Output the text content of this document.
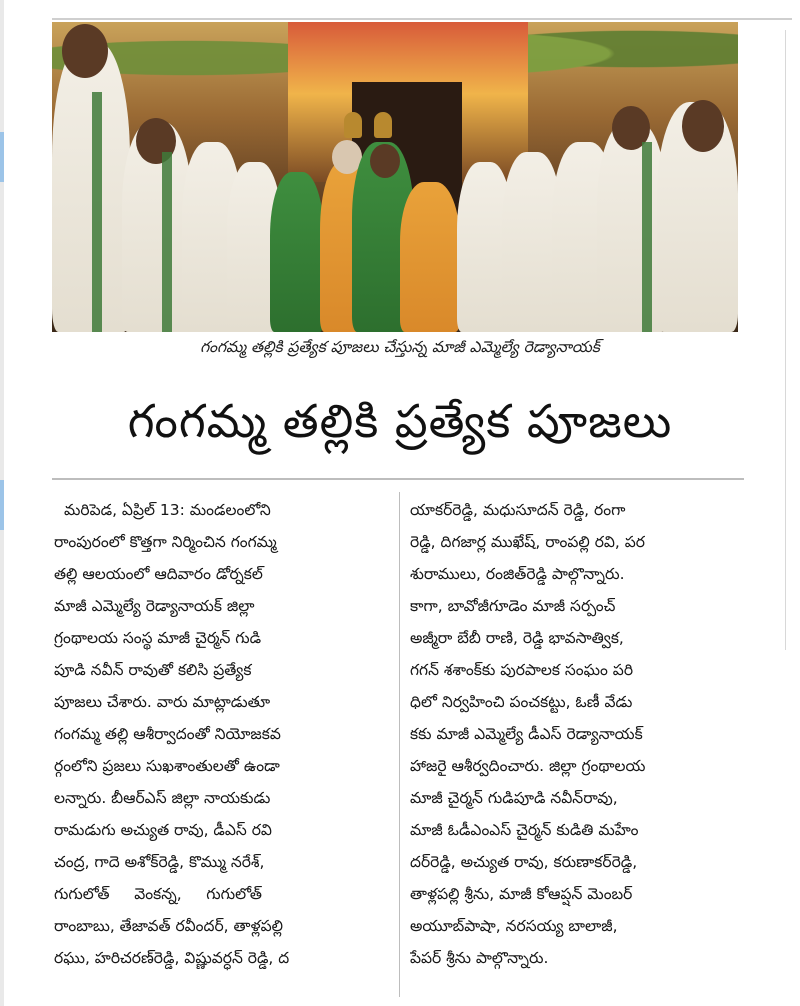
గంగమ్మ తల్లికి ప్రత్యేక పూజలు చేస్తున్న మాజీ ఎమ్మెల్యే రెడ్యానాయక్
గంగమ్మ తల్లికి ప్రత్యేక పూజలు
మరిపెడ, ఏప్రిల్ 13: మండలంలోని
రాంపురంలో కొత్తగా నిర్మించిన గంగమ్మ
తల్లి ఆలయంలో ఆదివారం డోర్నకల్
మాజీ ఎమ్మెల్యే రెడ్యానాయక్ జిల్లా
గ్రంథాలయ సంస్థ మాజీ చైర్మన్ గుడి
పూడి నవీన్ రావుతో కలిసి ప్రత్యేక
పూజలు చేశారు. వారు మాట్లాడుతూ
గంగమ్మ తల్లి ఆశీర్వాదంతో నియోజకవ
ర్గంలోని ప్రజలు సుఖశాంతులతో ఉండా
లన్నారు. బీఆర్ఎస్ జిల్లా నాయకుడు
రామడుగు అచ్యుత రావు, డీఎస్ రవి
చంద్ర, గాదె అశోక్‌రెడ్డి, కొమ్ము నరేశ్,
గుగులోత్     వెంకన్న,     గుగులోత్
రాంబాబు, తేజావత్ రవీందర్, తాళ్లపల్లి
రఘు, హరిచరణ్‌రెడ్డి, విష్ణువర్ధన్ రెడ్డి, ద
యాకర్‌రెడ్డి, మధుసూదన్ రెడ్డి, రంగా
రెడ్డి, దిగజార్ల ముఖేష్, రాంపల్లి రవి, పర
శురాములు, రంజిత్‌రెడ్డి పాల్గొన్నారు.
కాగా, బావోజీగూడెం మాజీ సర్పంచ్
అజ్మీరా బేబీ రాణి, రెడ్డి భావసాత్విక,
గగన్ శశాంక్‌కు పురపాలక సంఘం పరి
ధిలో నిర్వహించి పంచకట్టు, ఓణీ వేడు
కకు మాజీ ఎమ్మెల్యే డీఎస్ రెడ్యానాయక్
హాజరై ఆశీర్వదించారు. జిల్లా గ్రంథాలయ
మాజీ చైర్మన్ గుడిపూడి నవీన్‌రావు,
మాజీ ఓడీఎంఎస్ చైర్మన్ కుడితి మహేం
దర్‌రెడ్డి, అచ్యుత రావు, కరుణాకర్‌రెడ్డి,
తాళ్లపల్లి శ్రీను, మాజీ కోఆప్షన్ మెంబర్
అయూబ్‌పాషా, నరసయ్య బాలాజీ,
పేపర్ శ్రీను పాల్గొన్నారు.
